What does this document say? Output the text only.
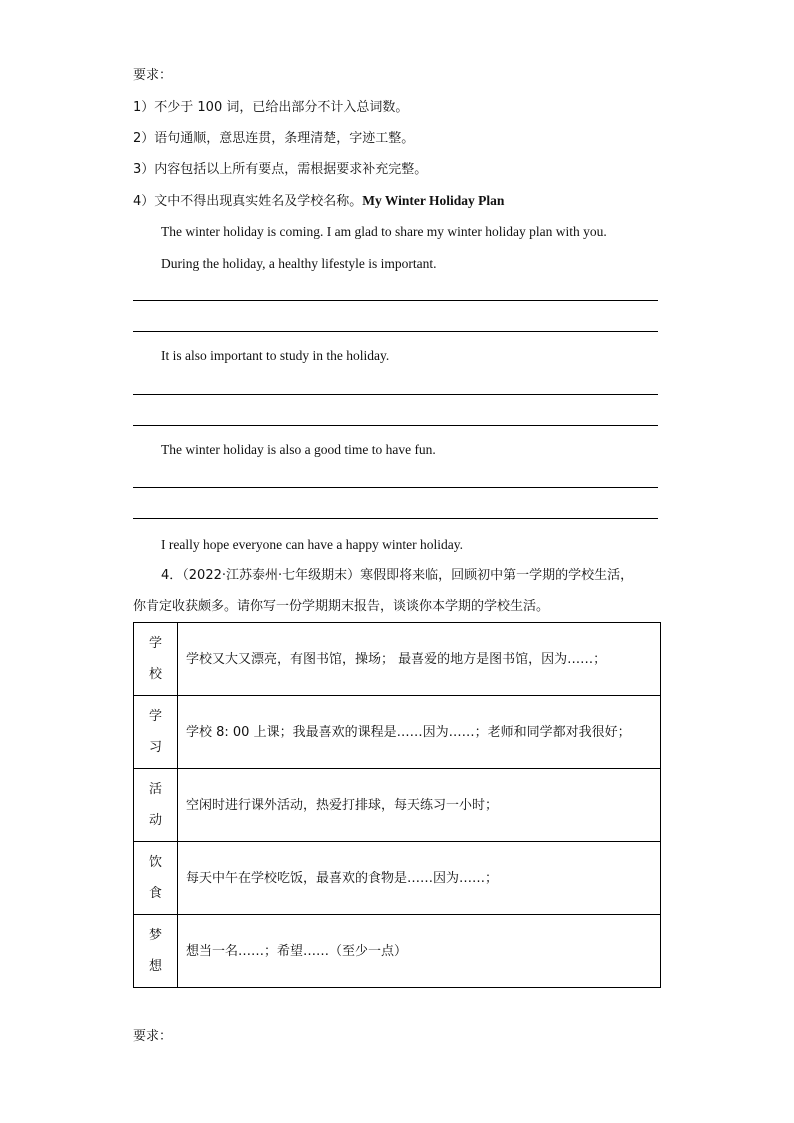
要求：
1）不少于 100 词，已给出部分不计入总词数。
2）语句通顺，意思连贯，条理清楚，字迹工整。
3）内容包括以上所有要点，需根据要求补充完整。
4）文中不得出现真实姓名及学校名称。My Winter Holiday Plan
The winter holiday is coming. I am glad to share my winter holiday plan with you.
During the holiday, a healthy lifestyle is important.
It is also important to study in the holiday.
The winter holiday is also a good time to have fun.
I really hope everyone can have a happy winter holiday.
4．（2022·江苏泰州·七年级期末）寒假即将来临，回顾初中第一学期的学校生活，
你肯定收获颇多。请你写一份学期期末报告，谈谈你本学期的学校生活。
学
校	学校又大又漂亮，有图书馆，操场； 最喜爱的地方是图书馆，因为……；

学
习	学校 8: 00 上课；我最喜欢的课程是……因为……；老师和同学都对我很好；

活
动	空闲时进行课外活动，热爱打排球，每天练习一小时；

饮
食	每天中午在学校吃饭，最喜欢的食物是……因为……；

梦
想	想当一名……；希望……（至少一点）
要求：
